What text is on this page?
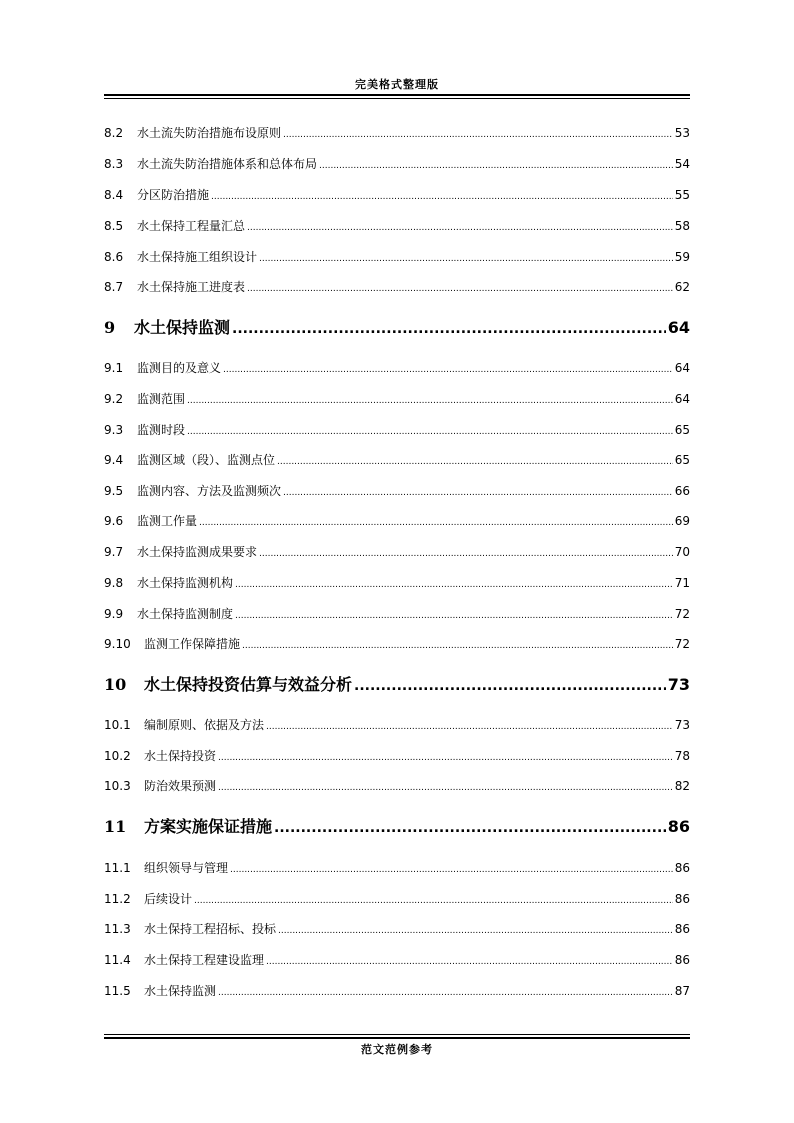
完美格式整理版
8.2	水土流失防治措施布设原则 .....	53
8.3	水土流失防治措施体系和总体布局 .....	54
8.4	分区防治措施 .....	55
8.5	水土保持工程量汇总 .....	58
8.6	水土保持施工组织设计 .....	59
8.7	水土保持施工进度表 .....	62
9	水土保持监测 .....	64
9.1	监测目的及意义 .....	64
9.2	监测范围 .....	64
9.3	监测时段 .....	65
9.4	监测区域（段）、监测点位 .....	65
9.5	监测内容、方法及监测频次 .....	66
9.6	监测工作量 .....	69
9.7	水土保持监测成果要求 .....	70
9.8	水土保持监测机构 .....	71
9.9	水土保持监测制度 .....	72
9.10	监测工作保障措施 .....	72
10	水土保持投资估算与效益分析 .....	73
10.1	编制原则、依据及方法 .....	73
10.2	水土保持投资 .....	78
10.3	防治效果预测 .....	82
11	方案实施保证措施 .....	86
11.1	组织领导与管理 .....	86
11.2	后续设计 .....	86
11.3	水土保持工程招标、投标 .....	86
11.4	水土保持工程建设监理 .....	86
11.5	水土保持监测 .....	87
范文范例参考
